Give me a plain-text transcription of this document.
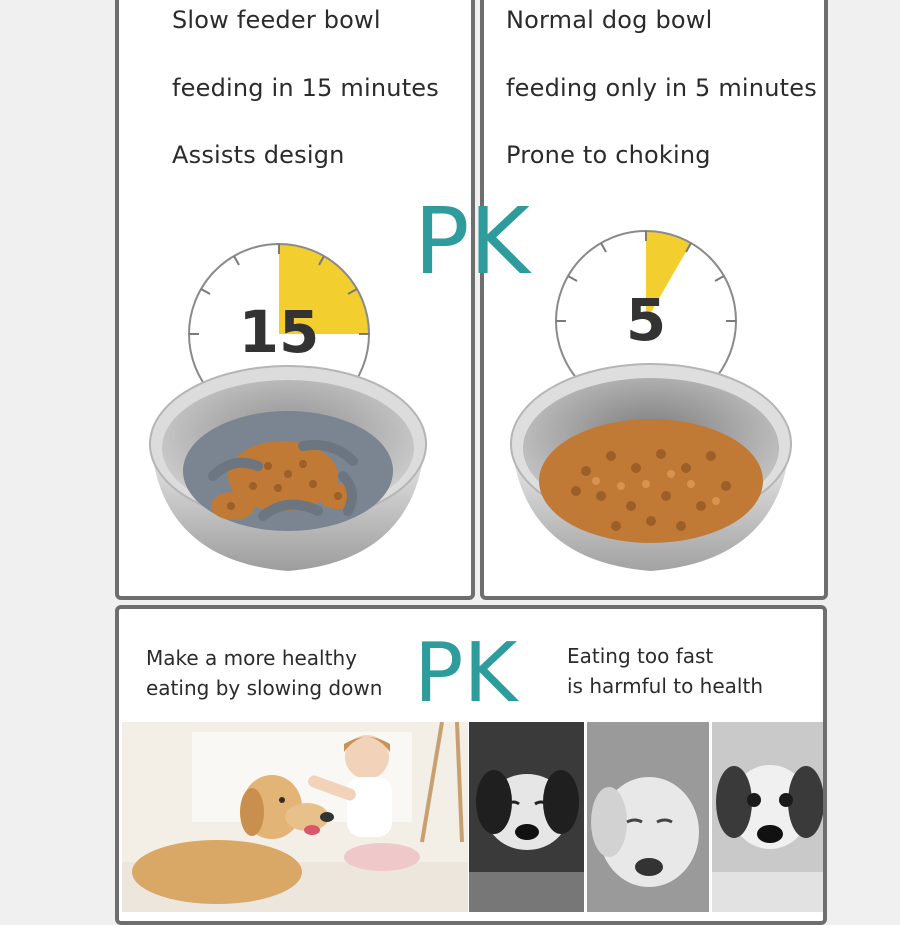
Slow feeder bowl
feeding in 15 minutes
Assists design
15
Normal dog bowl
feeding only in 5 minutes
Prone to choking
5
PK
Make a more healthy
eating by slowing down PK Eating too fast
is harmful to health
